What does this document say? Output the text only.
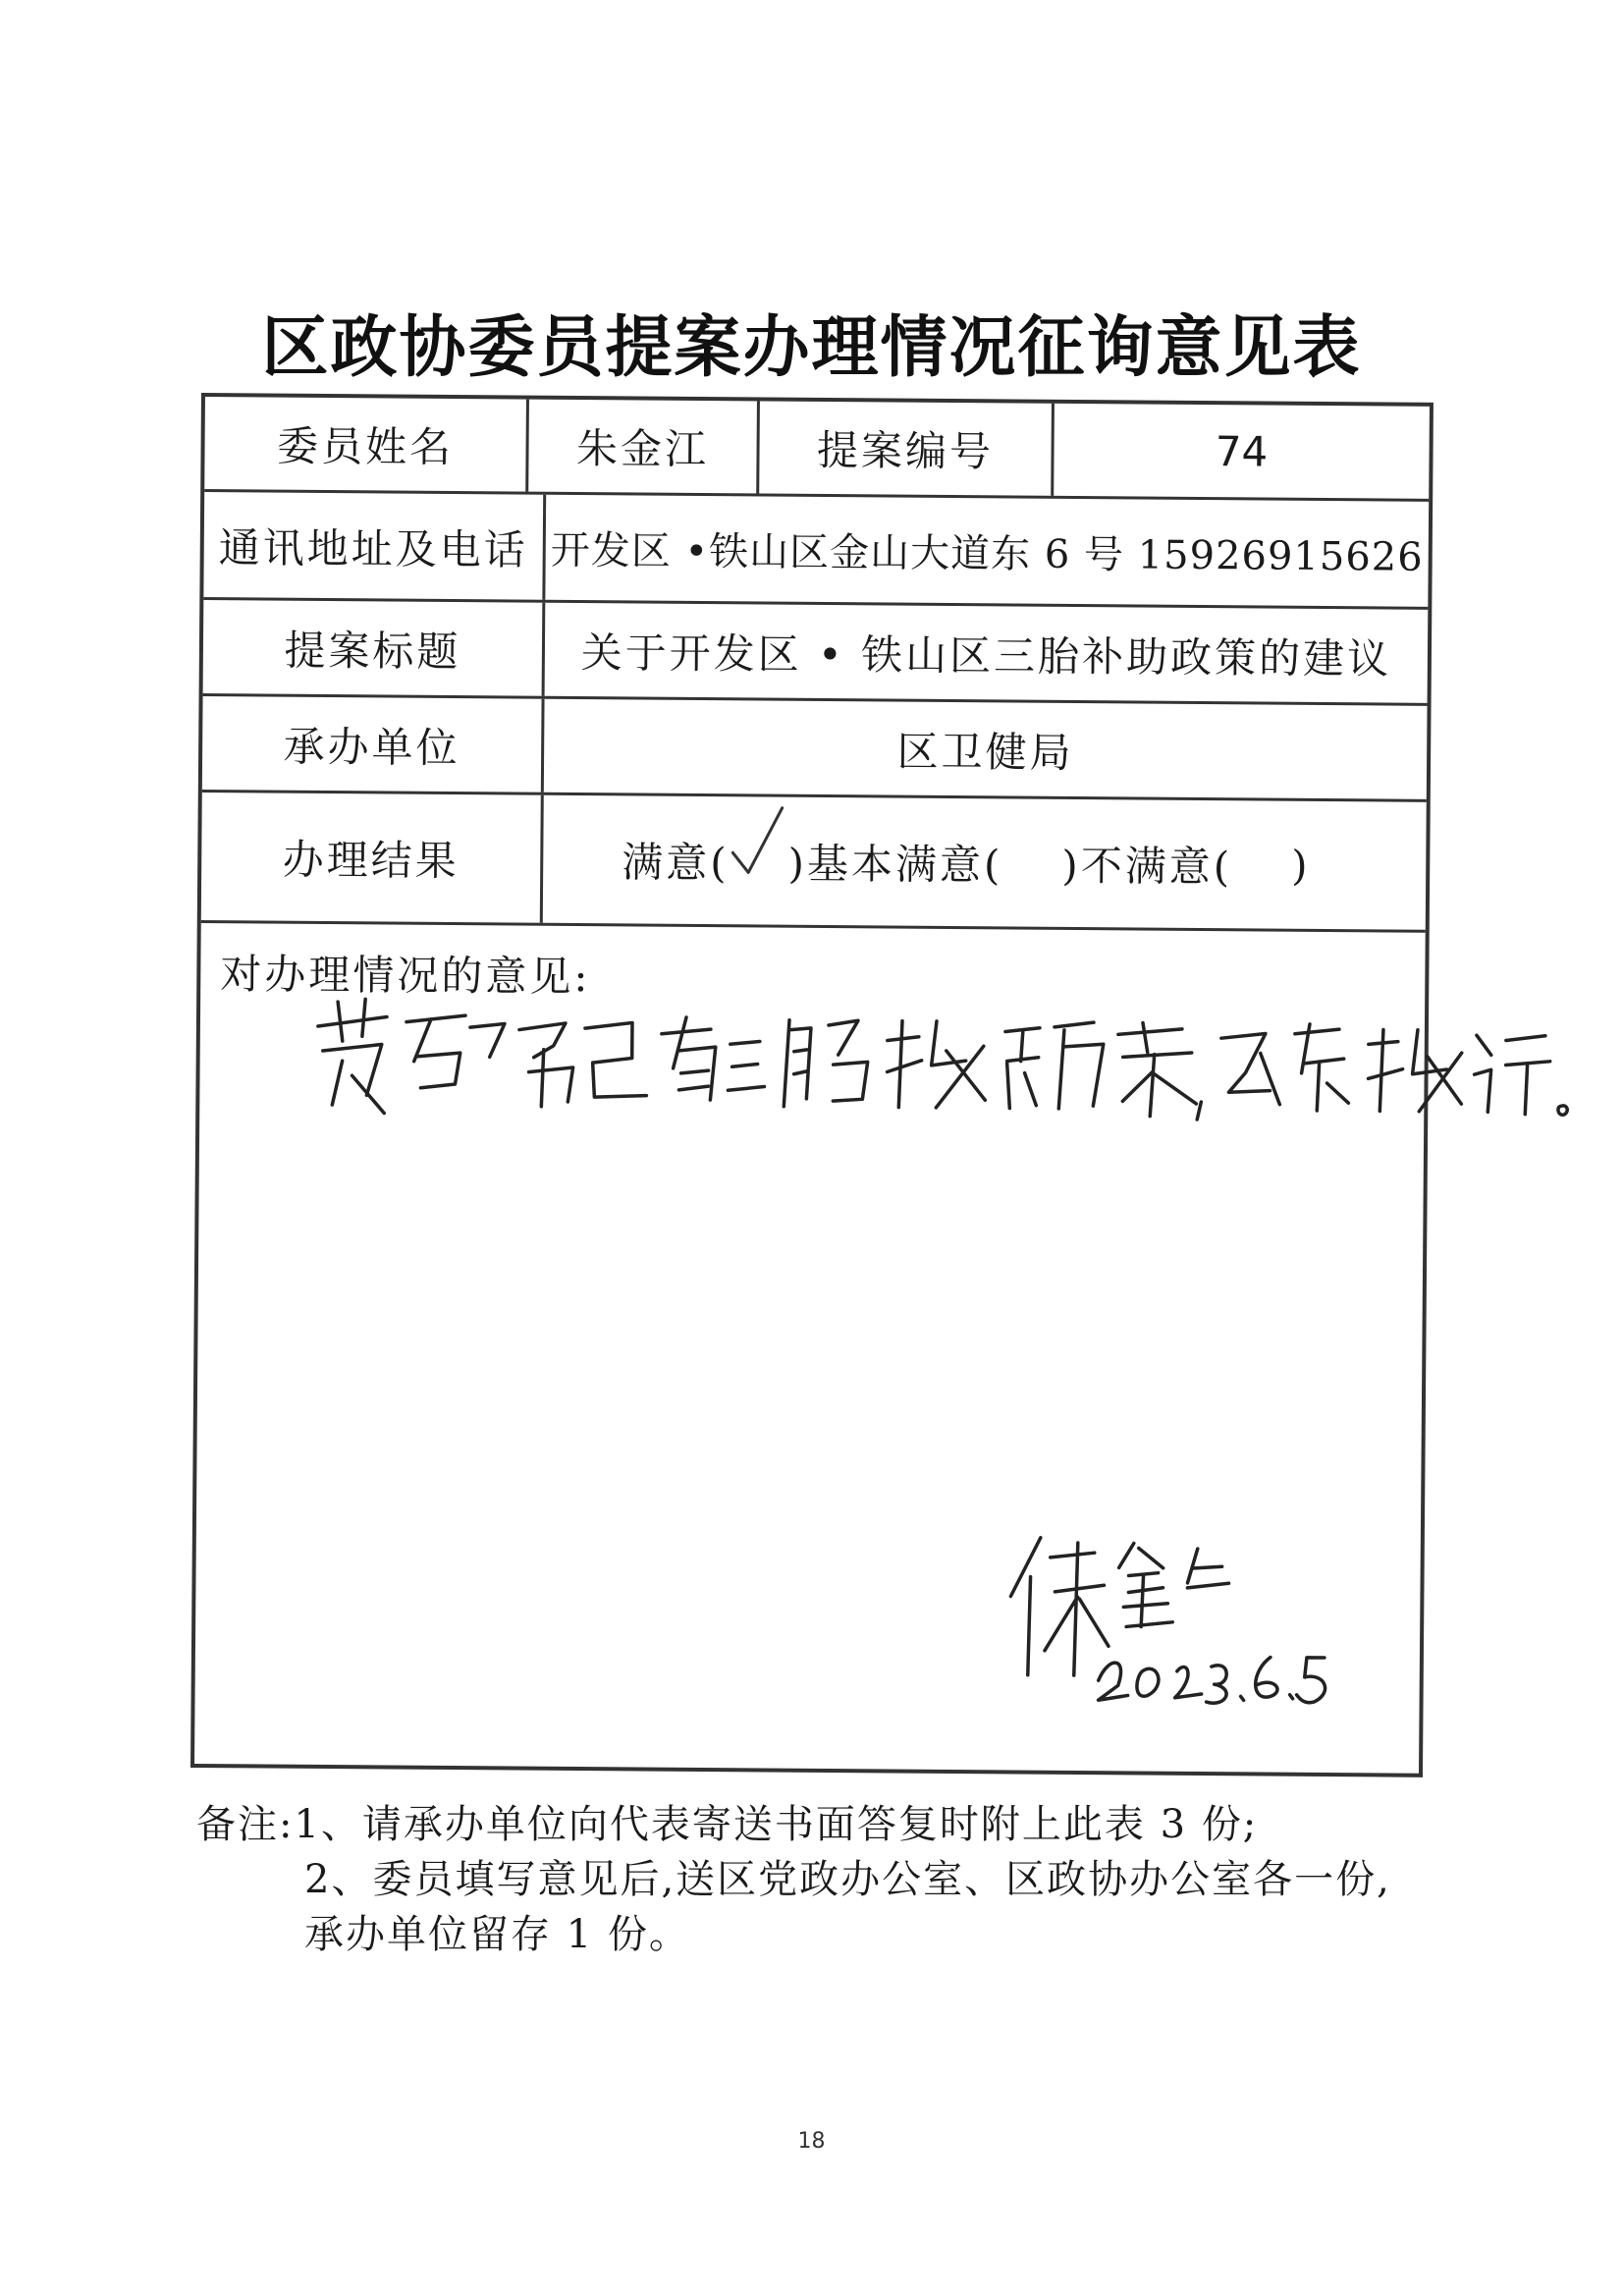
区政协委员提案办理情况征询意见表
委员姓名	朱金江	提案编号	74
通讯地址及电话 开发区 •铁山区金山大道东 6 号 15926915626
提案标题	关于开发区 • 铁山区三胎补助政策的建议
承办单位	区卫健局
办理结果	满意( )基本满意( )不满意( )
对办理情况的意见:
备注:1、请承办单位向代表寄送书面答复时附上此表 3 份;
2、委员填写意见后,送区党政办公室、区政协办公室各一份,
承办单位留存 1 份。
18
